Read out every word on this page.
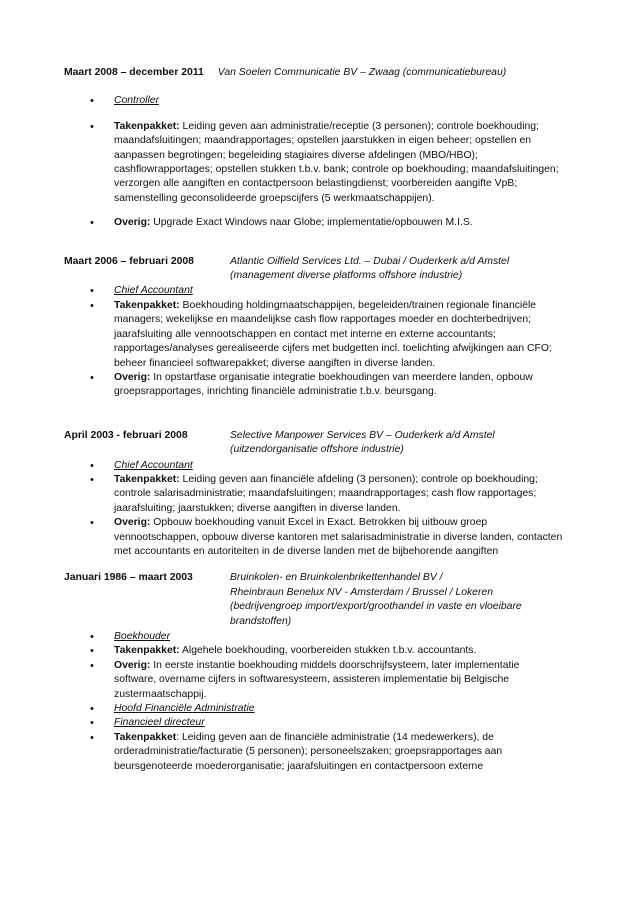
Maart 2008 – december 2011 Van Soelen Communicatie BV – Zwaag (communicatiebureau)
• Controller
• Takenpakket: Leiding geven aan administratie/receptie (3 personen); controle boekhouding; maandafsluitingen; maandrapportages; opstellen jaarstukken in eigen beheer; opstellen en aanpassen begrotingen; begeleiding stagiaires diverse afdelingen (MBO/HBO); cashflowrapportages; opstellen stukken t.b.v. bank; controle op boekhouding; maandafsluitingen; verzorgen alle aangiften en contactpersoon belastingdienst; voorbereiden aangifte VpB; samenstelling geconsolideerde groepscijfers (5 werkmaatschappijen).
• Overig: Upgrade Exact Windows naar Globe; implementatie/opbouwen M.I.S.
Maart 2006 – februari 2008	Atlantic Oilfield Services Ltd. – Dubai / Ouderkerk a/d Amstel
(management diverse platforms offshore industrie)
• Chief Accountant
• Takenpakket: Boekhouding holdingmaatschappijen, begeleiden/trainen regionale financiële managers; wekelijkse en maandelijkse cash flow rapportages moeder en dochterbedrijven; jaarafsluiting alle vennootschappen en contact met interne en externe accountants; rapportages/analyses gerealiseerde cijfers met budgetten incl. toelichting afwijkingen aan CFO; beheer financieel softwarepakket; diverse aangiften in diverse landen.
• Overig: In opstartfase organisatie integratie boekhoudingen van meerdere landen, opbouw groepsrapportages, inrichting financiële administratie t.b.v. beursgang.
April 2003 - februari 2008	Selective Manpower Services BV – Ouderkerk a/d Amstel
(uitzendorganisatie offshore industrie)
• Chief Accountant
• Takenpakket: Leiding geven aan financiële afdeling (3 personen); controle op boekhouding; controle salarisadministratie; maandafsluitingen; maandrapportages; cash flow rapportages; jaarafsluiting; jaarstukken; diverse aangiften in diverse landen.
• Overig: Opbouw boekhouding vanuit Excel in Exact. Betrokken bij uitbouw groep vennootschappen, opbouw diverse kantoren met salarisadministratie in diverse landen, contacten met accountants en autoriteiten in de diverse landen met de bijbehorende aangiften
Januari 1986 – maart 2003	Bruinkolen- en Bruinkolenbrikettenhandel BV /
Rheinbraun Benelux NV - Amsterdam / Brussel / Lokeren
(bedrijvengroep import/export/groothandel in vaste en vloeibare
brandstoffen)
• Boekhouder
• Takenpakket: Algehele boekhouding, voorbereiden stukken t.b.v. accountants.
• Overig: In eerste instantie boekhouding middels doorschrijfsysteem, later implementatie software, overname cijfers in softwaresysteem, assisteren implementatie bij Belgische zustermaatschappij.
• Hoofd Financiële Administratie
• Financieel directeur
• Takenpakket: Leiding geven aan de financiële administratie (14 medewerkers), de orderadministratie/facturatie (5 personen); personeelszaken; groepsrapportages aan beursgenoteerde moederorganisatie; jaarafsluitingen en contactpersoon externe
